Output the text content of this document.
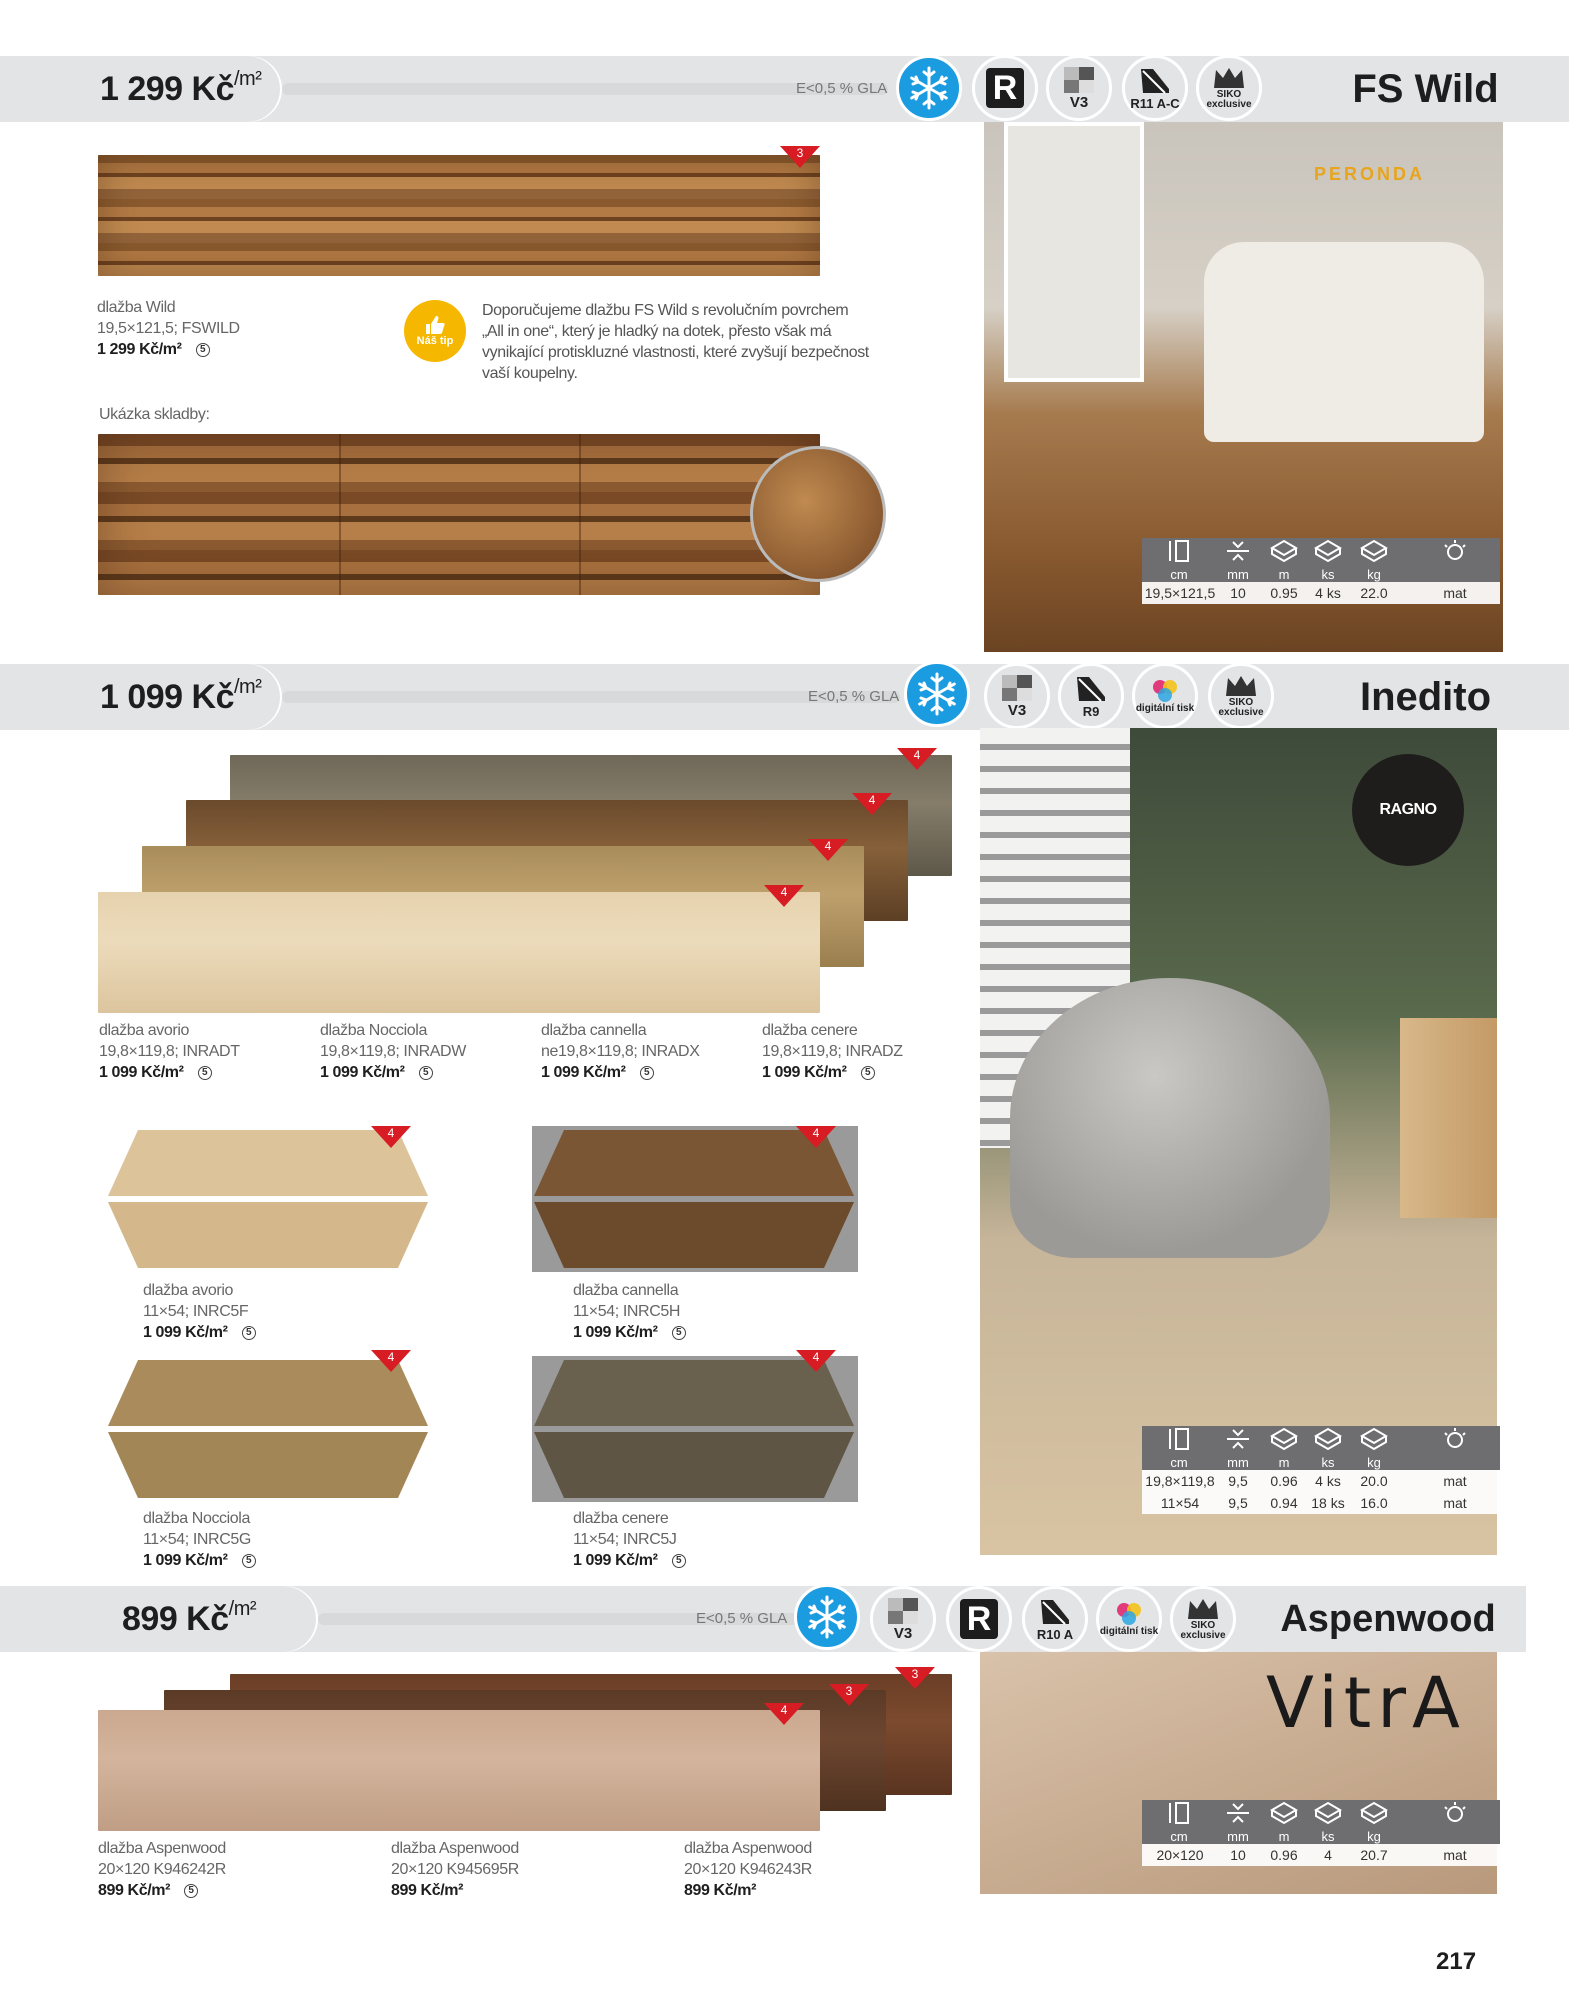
1 299 $Kč^{/m^2}$	E<0,5 % GLA	R	V3	R11 A-C
SIKO exclusive	FS Wild
3
dlažba Wild
19,5×121,5; FSWILD
1 299 Kč/m² 5
Náš tip
Doporučujeme dlažbu FS Wild s revolučním povrchem
„All in one“, který je hladký na dotek, přesto však má
vynikající protiskluzné vlastnosti, které zvyšují bezpečnost
vaší koupelny.
Ukázka skladby:
PERONDA
cm	mm	m	ks	kg
19,5×121,5	10	0.95	4 ks	22.0	mat
1 099 $Kč^{/m^2}$	E<0,5 % GLA
V3	R9	digitální tisk
SIKO exclusive	Inedito
4
4
4
4
dlažba avorio
19,8×119,8; INRADT
1 099 Kč/m² 5
dlažba Nocciola
19,8×119,8; INRADW
1 099 Kč/m² 5
dlažba cannella
ne19,8×119,8; INRADX
1 099 Kč/m² 5
dlažba cenere
19,8×119,8; INRADZ
1 099 Kč/m² 5
4
dlažba avorio
11×54; INRC5F
1 099 Kč/m² 5
4
dlažba cannella
11×54; INRC5H
1 099 Kč/m² 5
4
dlažba Nocciola
11×54; INRC5G
1 099 Kč/m² 5
4
dlažba cenere
11×54; INRC5J
1 099 Kč/m² 5
RAGNO
cm	mm	m	ks	kg
19,8×119,8 9,5	0.96	4 ks	20.0	mat
11×54	9,5	0.94 18 ks	16.0	mat
899 $Kč^{/m^2}$	E<0,5 % GLA
V3 R	R10 A	digitální tisk
SIKO exclusive	Aspenwood
3
3
4
dlažba Aspenwood
20×120 K946242R
899 Kč/m² 5
dlažba Aspenwood
20×120 K945695R
899 Kč/m²
dlažba Aspenwood
20×120 K946243R
899 Kč/m²
VitrA
cm	mm	m	ks	kg
20×120	10	0.96	4	20.7	mat
217
